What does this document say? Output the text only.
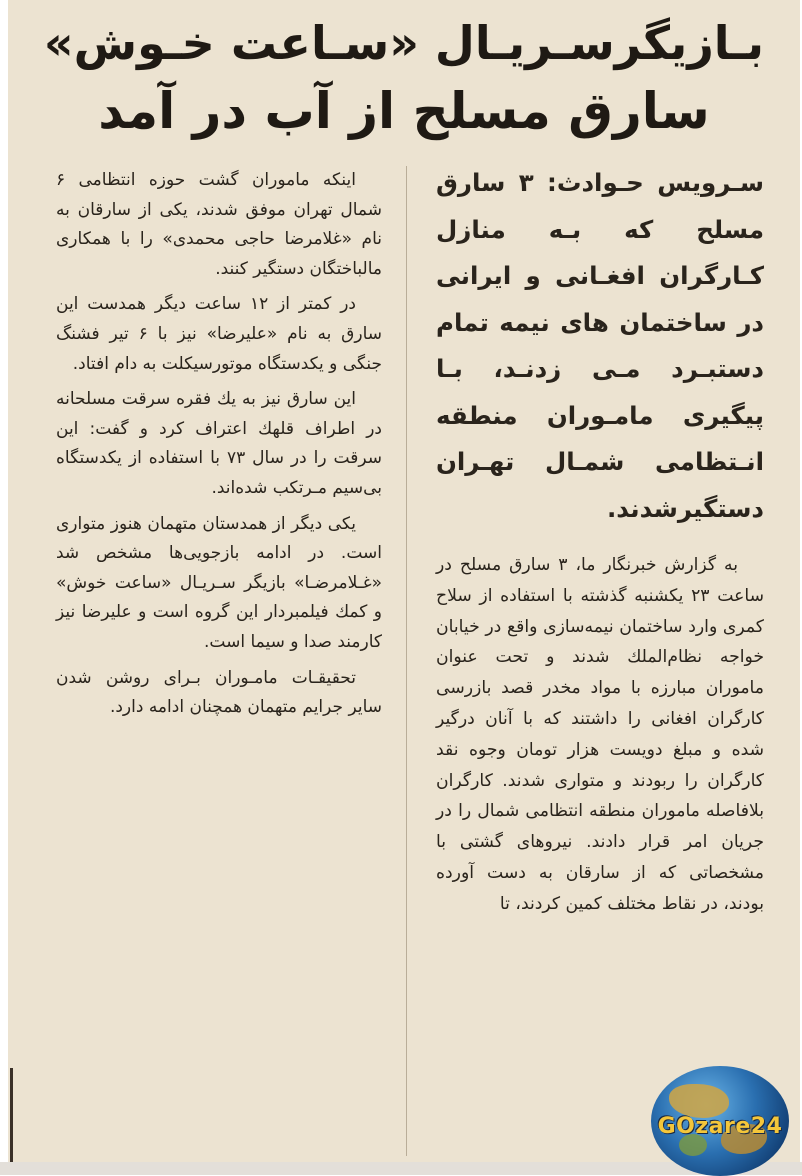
بـازیگرسـریـال «سـاعت خـوش»
سارق مسلح از آب در آمد

سـرویس حـوادث: ۳ سارق مسلح که بـه منازل کـارگران افغـانی و ایرانی در ساختمان های نیمه تمام دستبـرد مـی زدنـد، بـا پیگیری مامـوران منطقه انـتظامی شمـال تهـران دستگیرشدند.

به گزارش خبرنگار ما، ۳ سارق مسلح در ساعت ۲۳ یکشنبه گذشته با استفاده از سلاح کمری وارد ساختمان نیمه‌سازی واقع در خیابان خواجه نظام‌الملك شدند و تحت عنوان ماموران مبارزه با مواد مخدر قصد بازرسی کارگران افغانی را داشتند که با آنان درگیر شده و مبلغ دویست هزار تومان وجوه نقد کارگران را ربودند و متواری شدند. کارگران بلافاصله ماموران منطقه انتظامی شمال را در جریان امر قرار دادند. نیروهای گشتی با مشخصاتی که از سارقان به دست آورده بودند، در نقاط مختلف کمین کردند، تا

اینکه ماموران گشت حوزه انتظامی ۶ شمال تهران موفق شدند، یکی از سارقان به نام «غلامرضا حاجی محمدی» را با همکاری مالباختگان دستگیر کنند.

در کمتر از ۱۲ ساعت دیگر همدست این سارق به نام «علیرضا» نیز با ۶ تیر فشنگ جنگی و یکدستگاه موتورسیکلت به دام افتاد.

این سارق نیز به یك فقره سرقت مسلحانه در اطراف قلهك اعتراف کرد و گفت: این سرقت را در سال ۷۳ با استفاده از یکدستگاه بی‌سیم مـرتکب شده‌اند.

یکی دیگر از همدستان متهمان هنوز متواری است. در ادامه بازجویی‌ها مشخص شد «غـلامرضـا» بازیگر سـریـال «ساعت خوش» و کمك فیلمبردار این گروه است و علیرضا نیز کارمند صدا و سیما است.

تحقیقـات مامـوران بـرای روشن شدن سایر جرایم متهمان همچنان ادامه دارد.

GOzare24
